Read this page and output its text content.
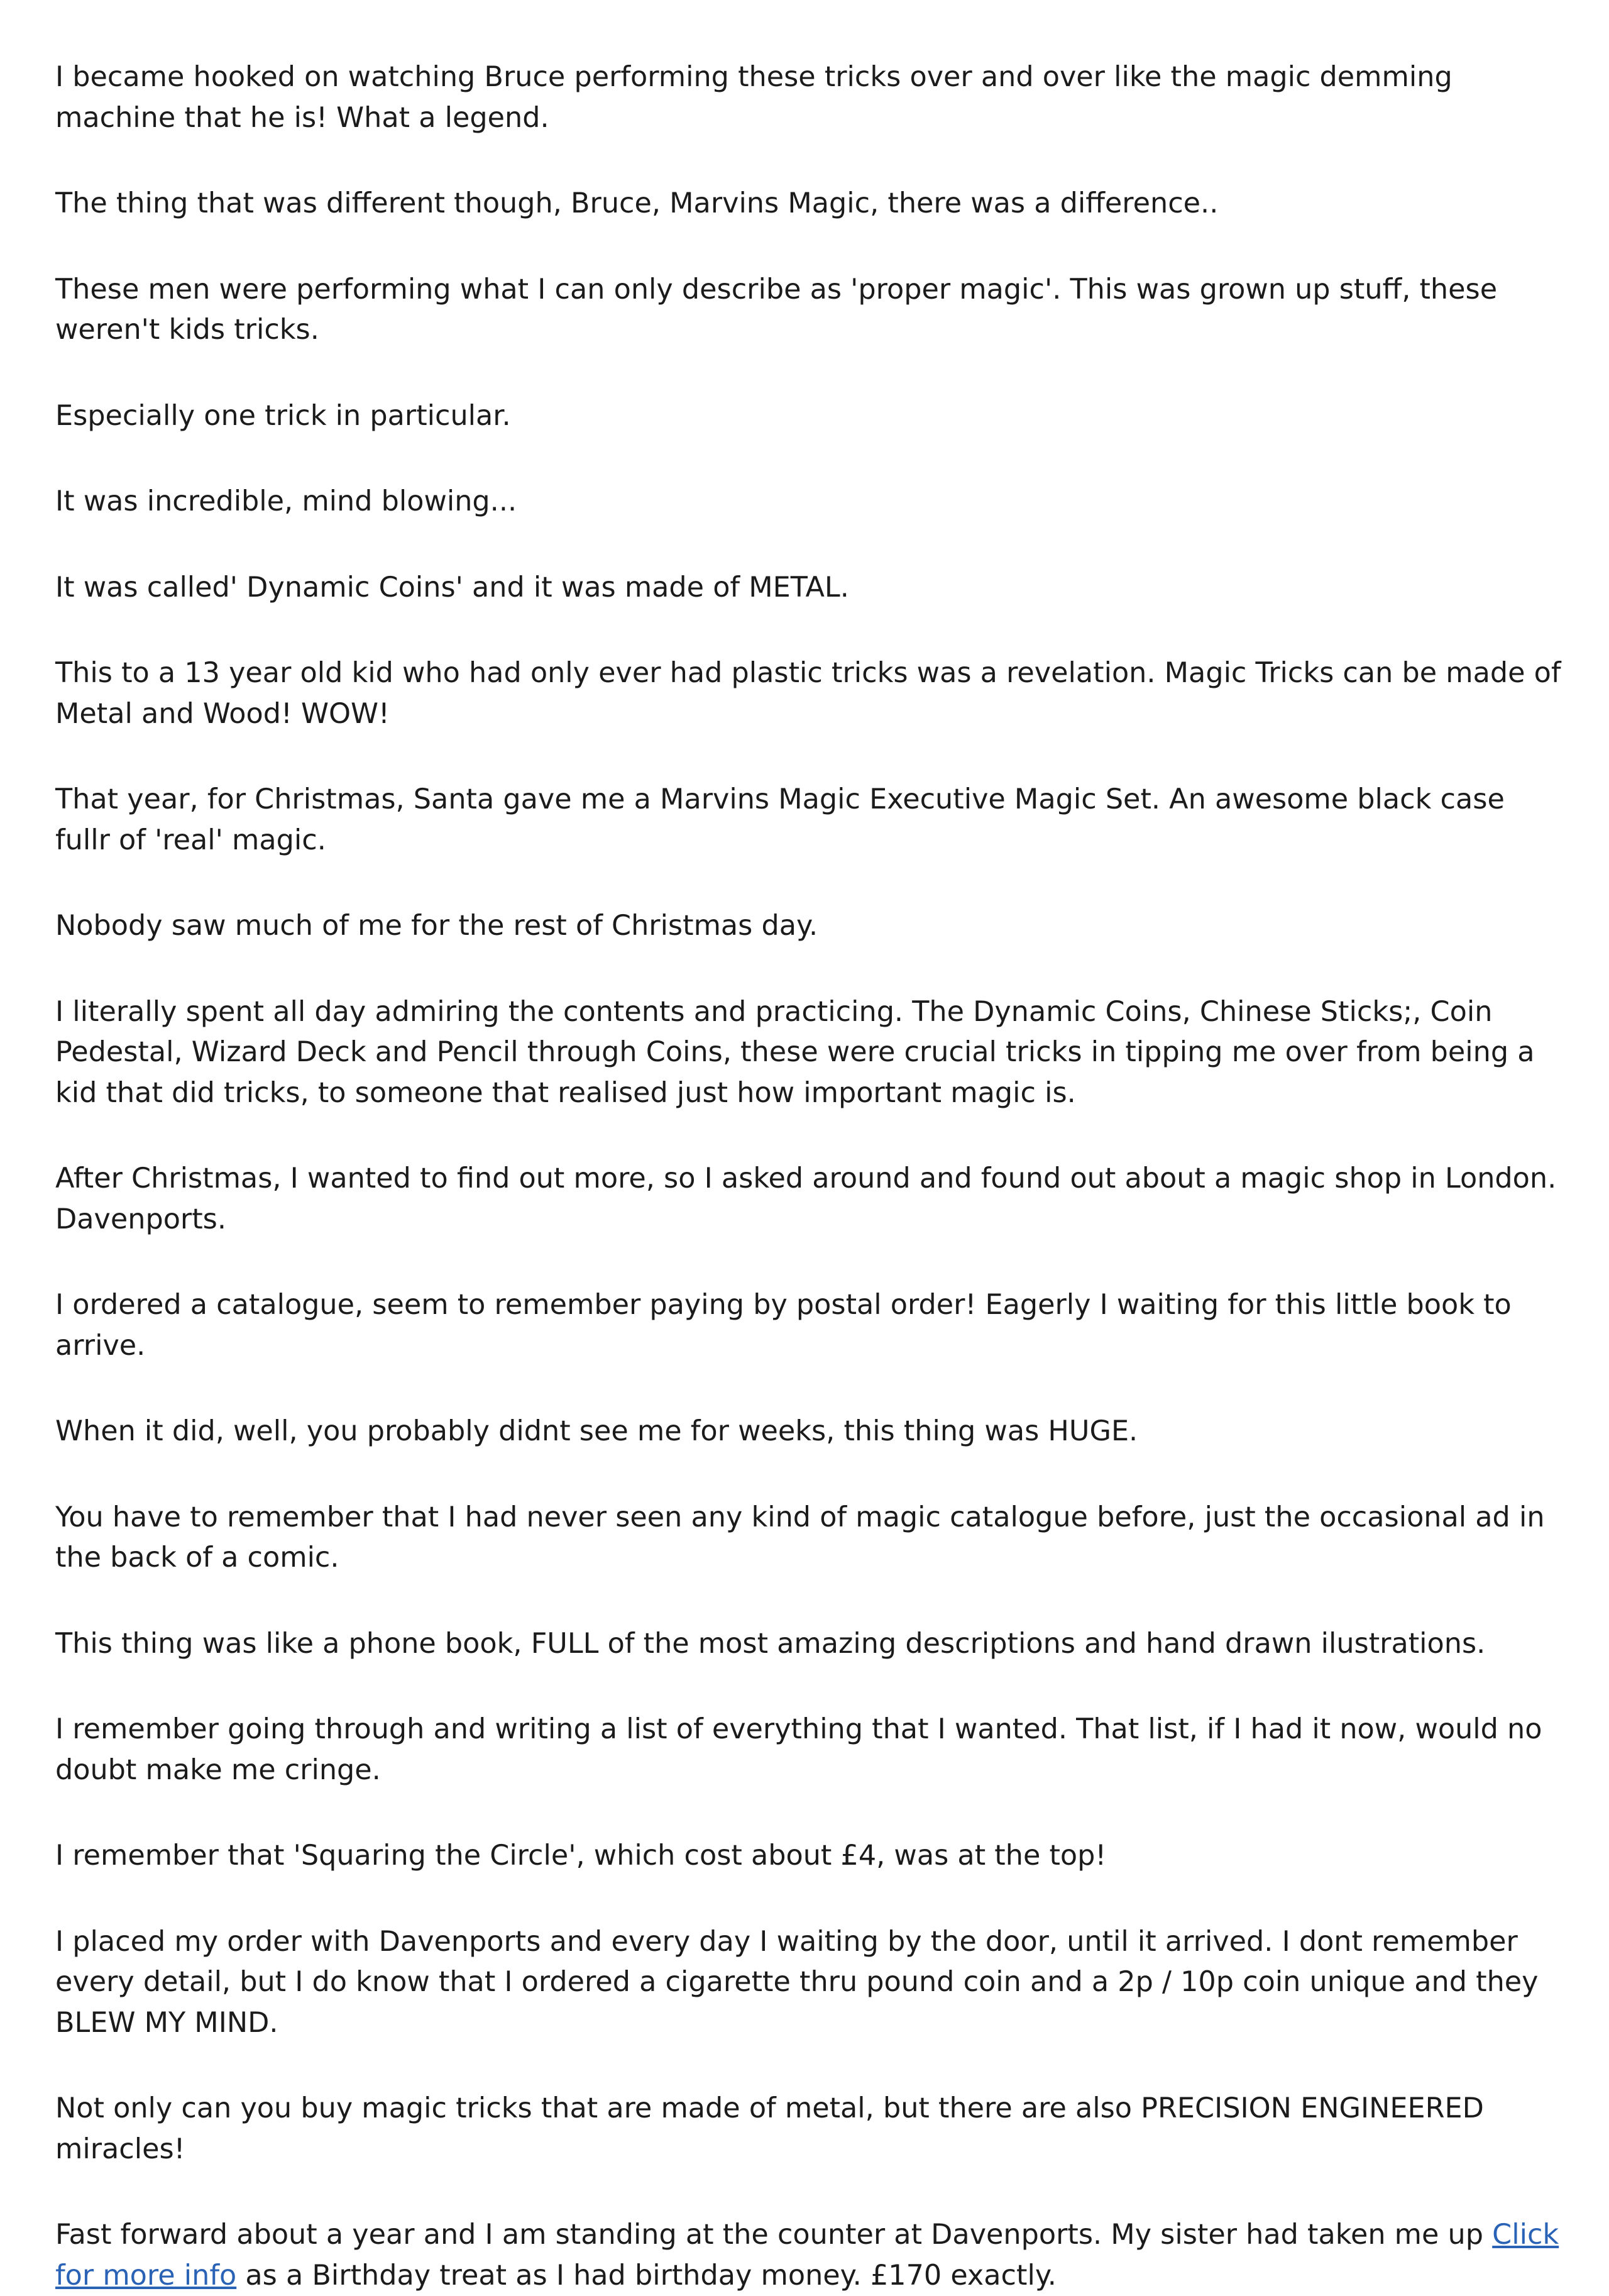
I became hooked on watching Bruce performing these tricks over and over like the magic demming machine that he is! What a legend.

The thing that was different though, Bruce, Marvins Magic, there was a difference..

These men were performing what I can only describe as 'proper magic'. This was grown up stuff, these weren't kids tricks.

Especially one trick in particular.

It was incredible, mind blowing...

It was called' Dynamic Coins' and it was made of METAL.

This to a 13 year old kid who had only ever had plastic tricks was a revelation. Magic Tricks can be made of Metal and Wood! WOW!

That year, for Christmas, Santa gave me a Marvins Magic Executive Magic Set. An awesome black case fullr of 'real' magic.

Nobody saw much of me for the rest of Christmas day.

I literally spent all day admiring the contents and practicing. The Dynamic Coins, Chinese Sticks;, Coin Pedestal, Wizard Deck and Pencil through Coins, these were crucial tricks in tipping me over from being a kid that did tricks, to someone that realised just how important magic is.

After Christmas, I wanted to find out more, so I asked around and found out about a magic shop in London. Davenports.

I ordered a catalogue, seem to remember paying by postal order! Eagerly I waiting for this little book to arrive.

When it did, well, you probably didnt see me for weeks, this thing was HUGE.

You have to remember that I had never seen any kind of magic catalogue before, just the occasional ad in the back of a comic.

This thing was like a phone book, FULL of the most amazing descriptions and hand drawn ilustrations.

I remember going through and writing a list of everything that I wanted. That list, if I had it now, would no doubt make me cringe.

I remember that 'Squaring the Circle', which cost about £4, was at the top!

I placed my order with Davenports and every day I waiting by the door, until it arrived. I dont remember every detail, but I do know that I ordered a cigarette thru pound coin and a 2p / 10p coin unique and they BLEW MY MIND.

Not only can you buy magic tricks that are made of metal, but there are also PRECISION ENGINEERED miracles!

Fast forward about a year and I am standing at the counter at Davenports. My sister had taken me up Click for more info as a Birthday treat as I had birthday money. £170 exactly.
